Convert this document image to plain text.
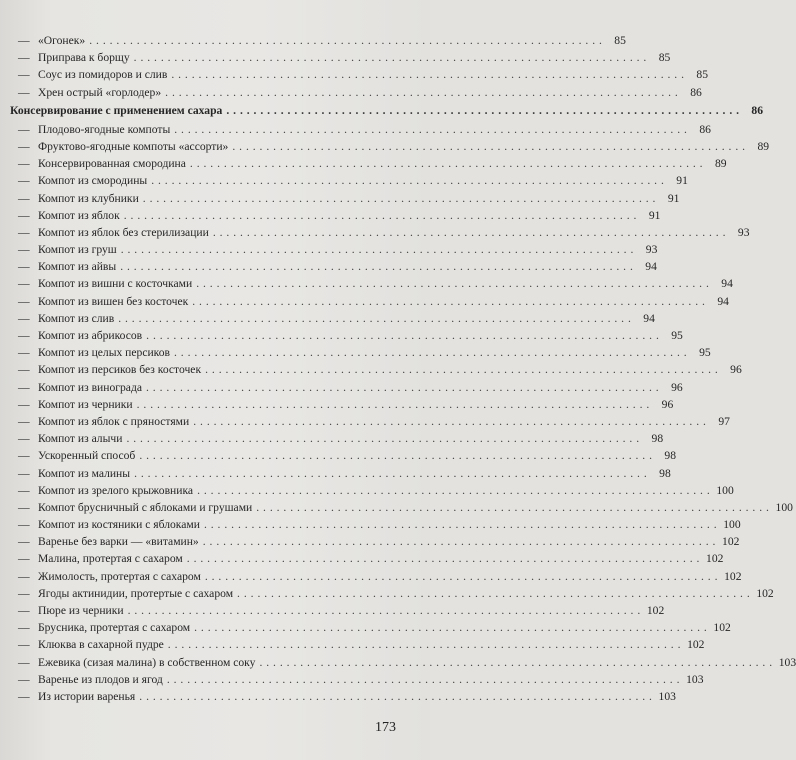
— «Огонек» . . .	85
— Приправа к борщу . . .	85
— Соус из помидоров и слив . . .	85
— Хрен острый «горлодер» . . .	86
Консервирование с применением сахара . . .	86
— Плодово-ягодные компоты . . .	86
— Фруктово-ягодные компоты «ассорти» . . .	89
— Консервированная смородина . . .	89
— Компот из смородины . . .	91
— Компот из клубники . . .	91
— Компот из яблок . . .	91
— Компот из яблок без стерилизации . . .	93
— Компот из груш . . .	93
— Компот из айвы . . .	94
— Компот из вишни с косточками . . .	94
— Компот из вишен без косточек . . .	94
— Компот из слив . . .	94
— Компот из абрикосов . . .	95
— Компот из целых персиков . . .	95
— Компот из персиков без косточек . . .	96
— Компот из винограда . . .	96
— Компот из черники . . .	96
— Компот из яблок с пряностями . . .	97
— Компот из алычи . . .	98
— Ускоренный способ . . .	98
— Компот из малины . . .	98
— Компот из зрелого крыжовника . . .	100
— Компот брусничный с яблоками и грушами . . .	100
— Компот из костяники с яблоками . . .	100
— Варенье без варки — «витамин» . . .	102
— Малина, протертая с сахаром . . .	102
— Жимолость, протертая с сахаром . . .	102
— Ягоды актинидии, протертые с сахаром . . .	102
— Пюре из черники . . .	102
— Брусника, протертая с сахаром . . .	102
— Клюква в сахарной пудре . . .	102
— Ежевика (сизая малина) в собственном соку . . .	103
— Варенье из плодов и ягод . . .	103
— Из истории варенья . . .	103
173
